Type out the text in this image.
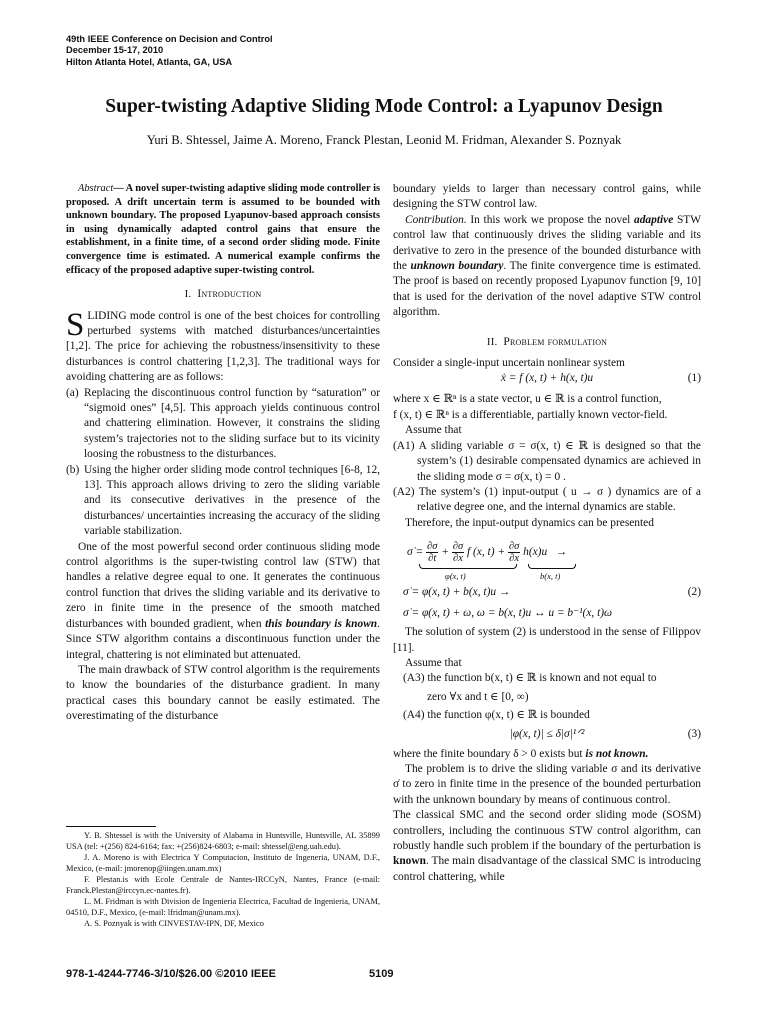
49th IEEE Conference on Decision and Control
December 15-17, 2010
Hilton Atlanta Hotel, Atlanta, GA, USA
Super-twisting Adaptive Sliding Mode Control: a Lyapunov Design
Yuri B. Shtessel, Jaime A. Moreno, Franck Plestan, Leonid M. Fridman, Alexander S. Poznyak

Abstract— A novel super-twisting adaptive sliding mode controller is proposed. A drift uncertain term is assumed to be bounded with unknown boundary. The proposed Lyapunov-based approach consists in using dynamically adapted control gains that ensure the establishment, in a finite time, of a second order sliding mode. Finite convergence time is estimated. A numerical example confirms the efficacy of the proposed adaptive super-twisting control.

I. Introduction

SLIDING mode control is one of the best choices for controlling perturbed systems with matched disturbances/uncertainties [1,2]. The price for achieving the robustness/insensitivity to these disturbances is control chattering [1,2,3]. The traditional ways for avoiding chattering are as follows:

(a) Replacing the discontinuous control function by “saturation” or “sigmoid ones” [4,5]. This approach yields continuous control and chattering elimination. However, it constrains the sliding system’s trajectories not to the sliding surface but to its vicinity loosing the robustness to the disturbances.
(b) Using the higher order sliding mode control techniques [6-8, 12, 13]. This approach allows driving to zero the sliding variable and its consecutive derivatives in the presence of the disturbances/ uncertainties increasing the accuracy of the sliding variable stabilization.

One of the most powerful second order continuous sliding mode control algorithms is the super-twisting control law (STW) that handles a relative degree equal to one. It generates the continuous control function that drives the sliding variable and its derivative to zero in finite time in the presence of the smooth matched disturbances with bounded gradient, when this boundary is known. Since STW algorithm contains a discontinuous function under the integral, chattering is not eliminated but attenuated.

The main drawback of STW control algorithm is the requirements to know the boundaries of the disturbance gradient. In many practical cases this boundary cannot be easily estimated. The overestimating of the disturbance

boundary yields to larger than necessary control gains, while designing the STW control law.

Contribution. In this work we propose the novel adaptive STW control law that continuously drives the sliding variable and its derivative to zero in the presence of the bounded disturbance with the unknown boundary. The finite convergence time is estimated. The proof is based on recently proposed Lyapunov function [9, 10] that is used for the derivation of the novel adaptive STW control algorithm.

II. Problem formulation

Consider a single-input uncertain nonlinear system

ẋ = f (x, t) + h(x, t)u	(1)

where x ∈ ℝⁿ is a state vector, u ∈ ℝ is a control function,

f (x, t) ∈ ℝⁿ is a differentiable, partially known vector-field.

Assume that

(A1) A sliding variable σ = σ(x, t) ∈ ℝ is designed so that the system’s (1) desirable compensated dynamics are achieved in the sliding mode σ = σ(x, t) = 0 .
(A2) The system’s (1) input-output ( u → σ ) dynamics are of a relative degree one, and the internal dynamics are stable.

Therefore, the input-output dynamics can be presented

σ̇ = $\frac{\partial\sigma}{\partial t} + \frac{\partial\sigma}{\partial x}$ f (x, $t) + \frac{\partial\sigma}{\partial x} h(x)u$   →
φ(x, t)	b(x, t)
σ̇ = φ(x, t) + b(x, t)u →	(2)
σ̇ = φ(x, t) + ω, ω = b(x, t)u ↔ u = b⁻¹(x, t)ω

The solution of system (2) is understood in the sense of Filippov [11].

Assume that

(A3) the function b(x, t) ∈ ℝ is known and not equal to

zero ∀x and t ∈ [0, ∞)

(A4) the function φ(x, t) ∈ ℝ is bounded

|φ(x, t)| ≤ δ|σ|¹ᐟ²	(3)

where the finite boundary δ > 0 exists but is not known.

The problem is to drive the sliding variable σ and its derivative σ̇ to zero in finite time in the presence of the bounded perturbation with the unknown boundary by means of continuous control.

The classical SMC and the second order sliding mode (SOSM) controllers, including the continuous STW control algorithm, can robustly handle such problem if the boundary of the perturbation is known. The main disadvantage of the classical SMC is introducing control chattering, while

Y. B. Shtessel is with the University of Alabama in Huntsville, Huntsville, AL 35899 USA (tel: +(256) 824-6164; fax: +(256)824-6803; e-mail: shtessel@eng.uah.edu).

J. A. Moreno is with Electrica Y Computacion, Instituto de Ingeneria, UNAM, D.F., Mexico, (e-mail: jmorenop@iingen.unam.mx)

F. Plestan.is with Ecole Centrale de Nantes-IRCCyN, Nantes, France (e-mail: Franck.Plestan@irccyn.ec-nantes.fr).

L. M. Fridman is with Division de Ingenieria Electrica, Facultad de Ingenieria, UNAM, 04510, D.F., Mexico, (e-mail: lfridman@unam.mx).

A. S. Poznyak is with CINVESTAV-IPN, DF, Mexico

978-1-4244-7746-3/10/$26.00 ©2010 IEEE	5109
